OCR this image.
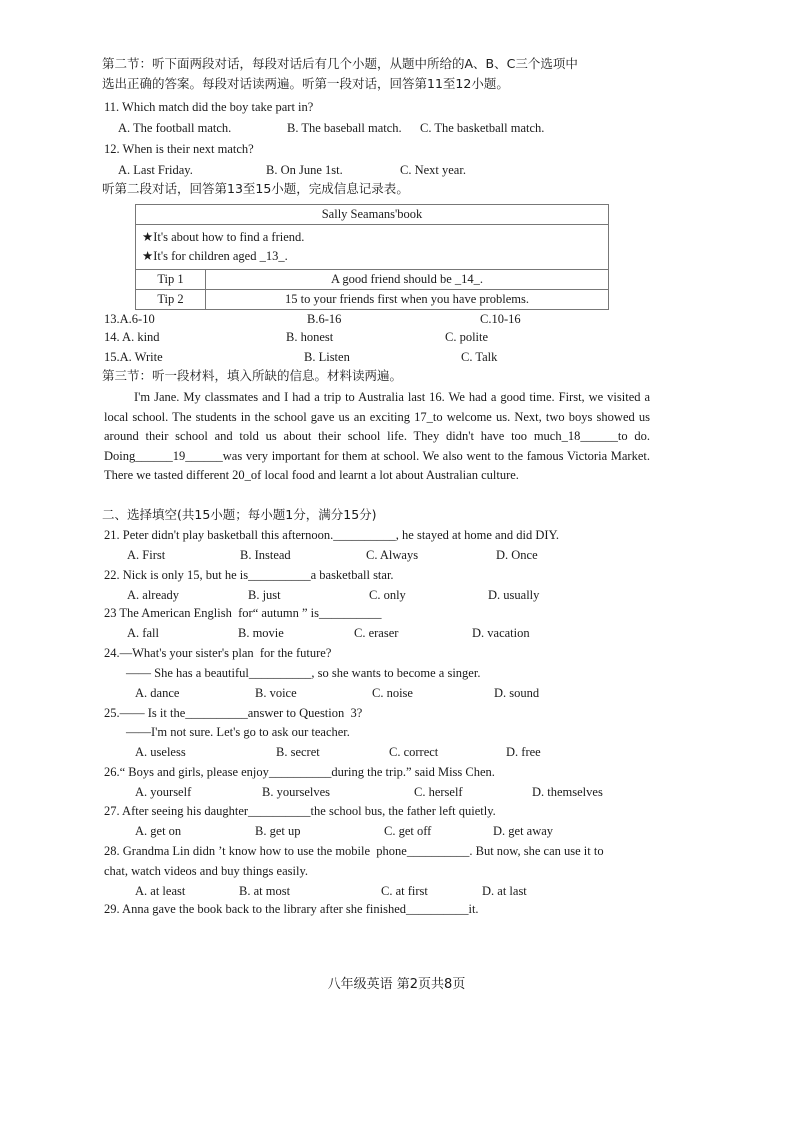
第二节：听下面两段对话，每段对话后有几个小题，从题中所给的A、B、C三个选项中
选出正确的答案。每段对话读两遍。听第一段对话，回答第11至12小题。
11. Which match did the boy take part in?
A. The football match.	B. The baseball match. C. The basketball match.
12. When is their next match?
A. Last Friday.	B. On June 1st.	C. Next year.
听第二段对话，回答第13至15小题，完成信息记录表。
Sally Seamans'book	

★It's about how to find a friend.
★It's for children aged _13_.	

Tip 1	A good friend should be _14_.
Tip 2	15 to your friends first when you have problems.
13.A.6-10	B.6-16	C.10-16
14. A. kind	B. honest	C. polite
15.A. Write	B. Listen	C. Talk
第三节：听一段材料，填入所缺的信息。材料读两遍。
I'm Jane. My classmates and I had a trip to Australia last 16. We had a good time. First, we visited a local school. The students in the school gave us an exciting 17_to welcome us. Next, two boys showed us around their school and told us about their school life. They didn't have too much_18______to do. Doing______19______was very important for them at school. We also went to the famous Victoria Market. There we tasted different 20_of local food and learnt a lot about Australian culture.
二、选择填空(共15小题；每小题1分，满分15分)
21. Peter didn't play basketball this afternoon.__________, he stayed at home and did DIY.
A. First	B. Instead	C. Always	D. Once
22. Nick is only 15, but he is__________a basketball star.
A. already	B. just	C. only	D. usually
23 The American English  for“ autumn ” is__________
A. fall	B. movie	C. eraser	D. vacation
24.—What's your sister's plan  for the future?
—— She has a beautiful__________, so she wants to become a singer.
A. dance	B. voice	C. noise	D. sound
25.—— Is it the__________answer to Question  3?
——I'm not sure. Let's go to ask our teacher.
A. useless	B. secret	C. correct	D. free
26.“ Boys and girls, please enjoy__________during the trip.” said Miss Chen.
A. yourself	B. yourselves	C. herself	D. themselves
27. After seeing his daughter__________the school bus, the father left quietly.
A. get on	B. get up	C. get off	D. get away
28. Grandma Lin didn ’t know how to use the mobile  phone__________. But now, she can use it to
chat, watch videos and buy things easily.
A. at least	B. at most	C. at first	D. at last
29. Anna gave the book back to the library after she finished__________it.
八年级英语 第2页共8页
